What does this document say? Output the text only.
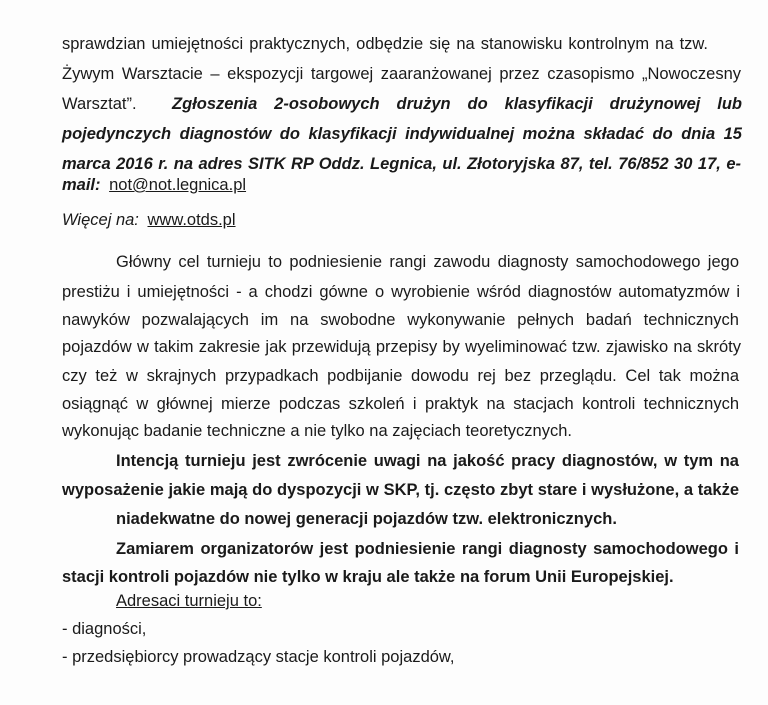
sprawdzian umiejętności praktycznych, odbędzie się na stanowisku kontrolnym na tzw.
Żywym Warsztacie – ekspozycji targowej zaaranżowanej przez czasopismo „Nowoczesny
Warsztat”. Zgłoszenia 2-osobowych drużyn do klasyfikacji drużynowej lub
pojedynczych diagnostów do klasyfikacji indywidualnej można składać do dnia 15
marca 2016 r. na adres SITK RP Oddz. Legnica, ul. Złotoryjska 87, tel. 76/852 30 17, e-
mail: not@not.legnica.pl
Więcej na: www.otds.pl
Główny cel turnieju to podniesienie rangi zawodu diagnosty samochodowego jego
prestiżu i umiejętności - a chodzi gówne o wyrobienie wśród diagnostów automatyzmów i
nawyków pozwalających im na swobodne wykonywanie pełnych badań technicznych
pojazdów w takim zakresie jak przewidują przepisy by wyeliminować tzw. zjawisko na skróty
czy też w skrajnych przypadkach podbijanie dowodu rej bez przeglądu. Cel tak można
osiągnąć w głównej mierze podczas szkoleń i praktyk na stacjach kontroli technicznych
wykonując badanie techniczne a nie tylko na zajęciach teoretycznych.
Intencją turnieju jest zwrócenie uwagi na jakość pracy diagnostów, w tym na
wyposażenie jakie mają do dyspozycji w SKP, tj. często zbyt stare i wysłużone, a także
niadekwatne do nowej generacji pojazdów tzw. elektronicznych.
Zamiarem organizatorów jest podniesienie rangi diagnosty samochodowego i
stacji kontroli pojazdów nie tylko w kraju ale także na forum Unii Europejskiej.
Adresaci turnieju to:
- diagności,
- przedsiębiorcy prowadzący stacje kontroli pojazdów,
